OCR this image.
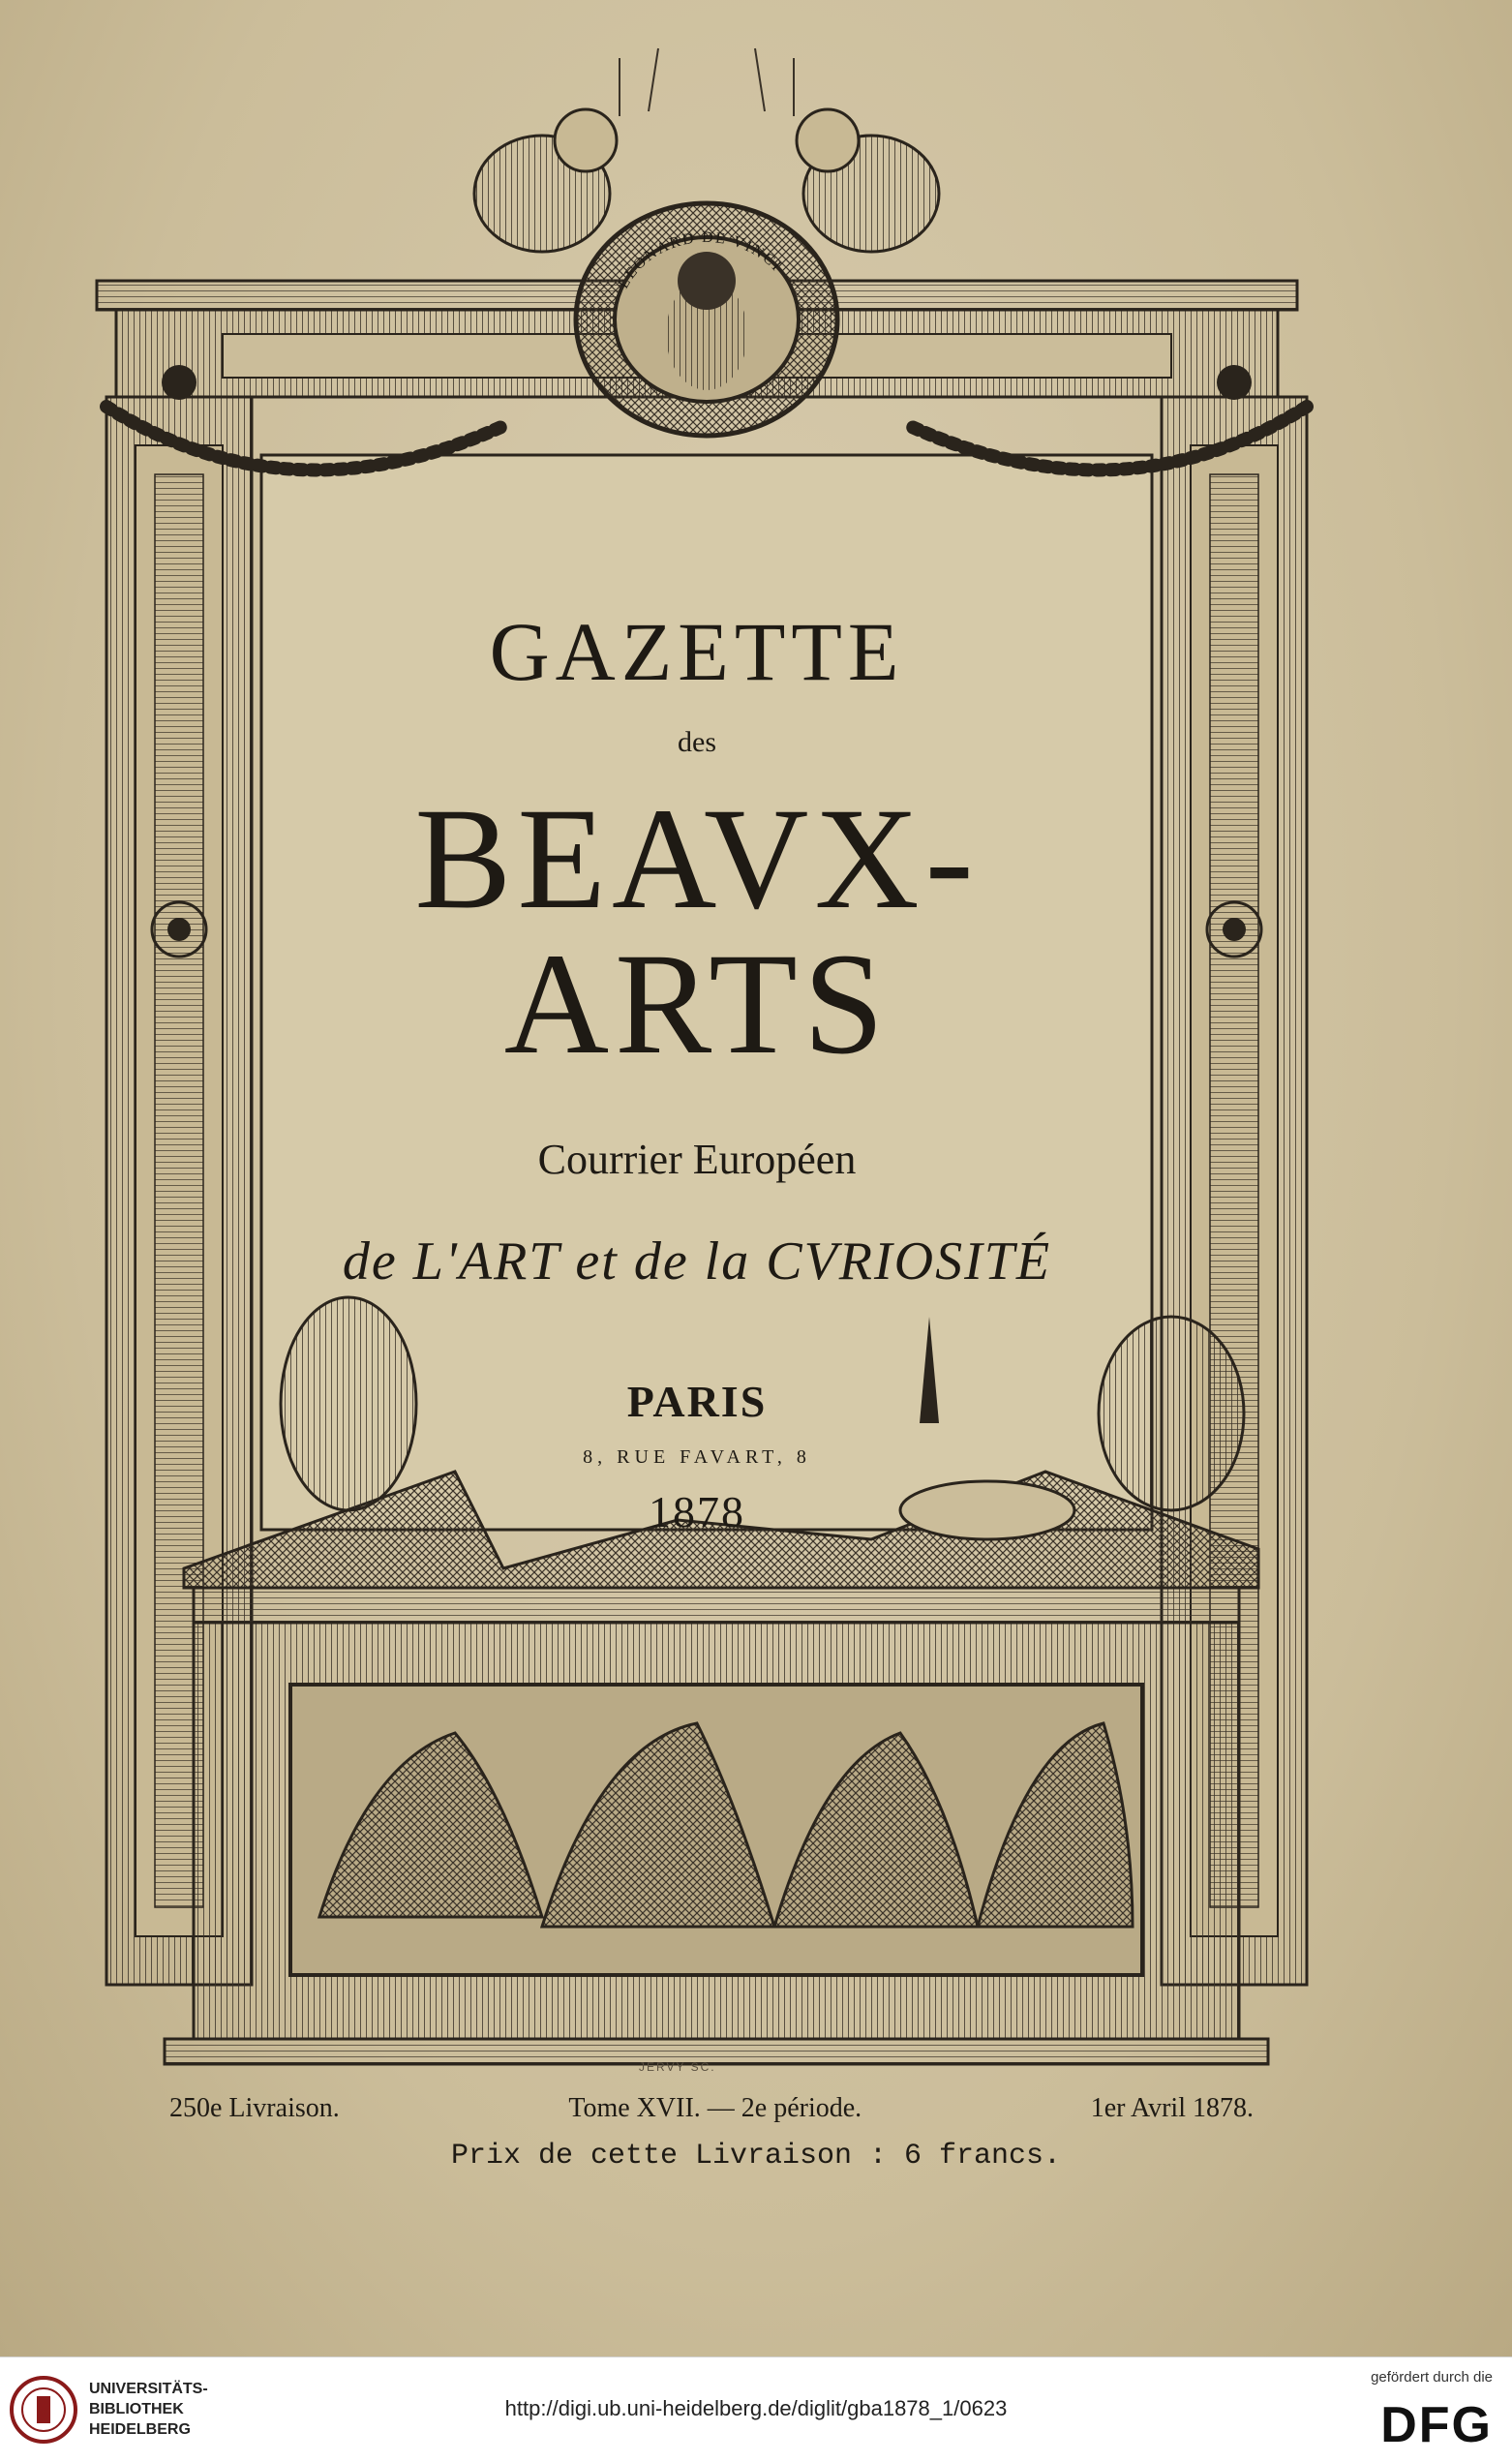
GAZETTE
des
BEAVX-ARTS
Courrier Européen
de L'ART et de la CVRIOSITÉ
PARIS
8, RUE FAVART, 8
1878
LEONARD DE VINCI
JERVY SC.
250e Livraison.	Tome XVII. — 2e période.	1er Avril 1878.
Prix de cette Livraison : 6 francs.
UNIVERSITÄTS-
BIBLIOTHEK
HEIDELBERG
http://digi.ub.uni-heidelberg.de/diglit/gba1878_1/0623
gefördert durch die
DFG
